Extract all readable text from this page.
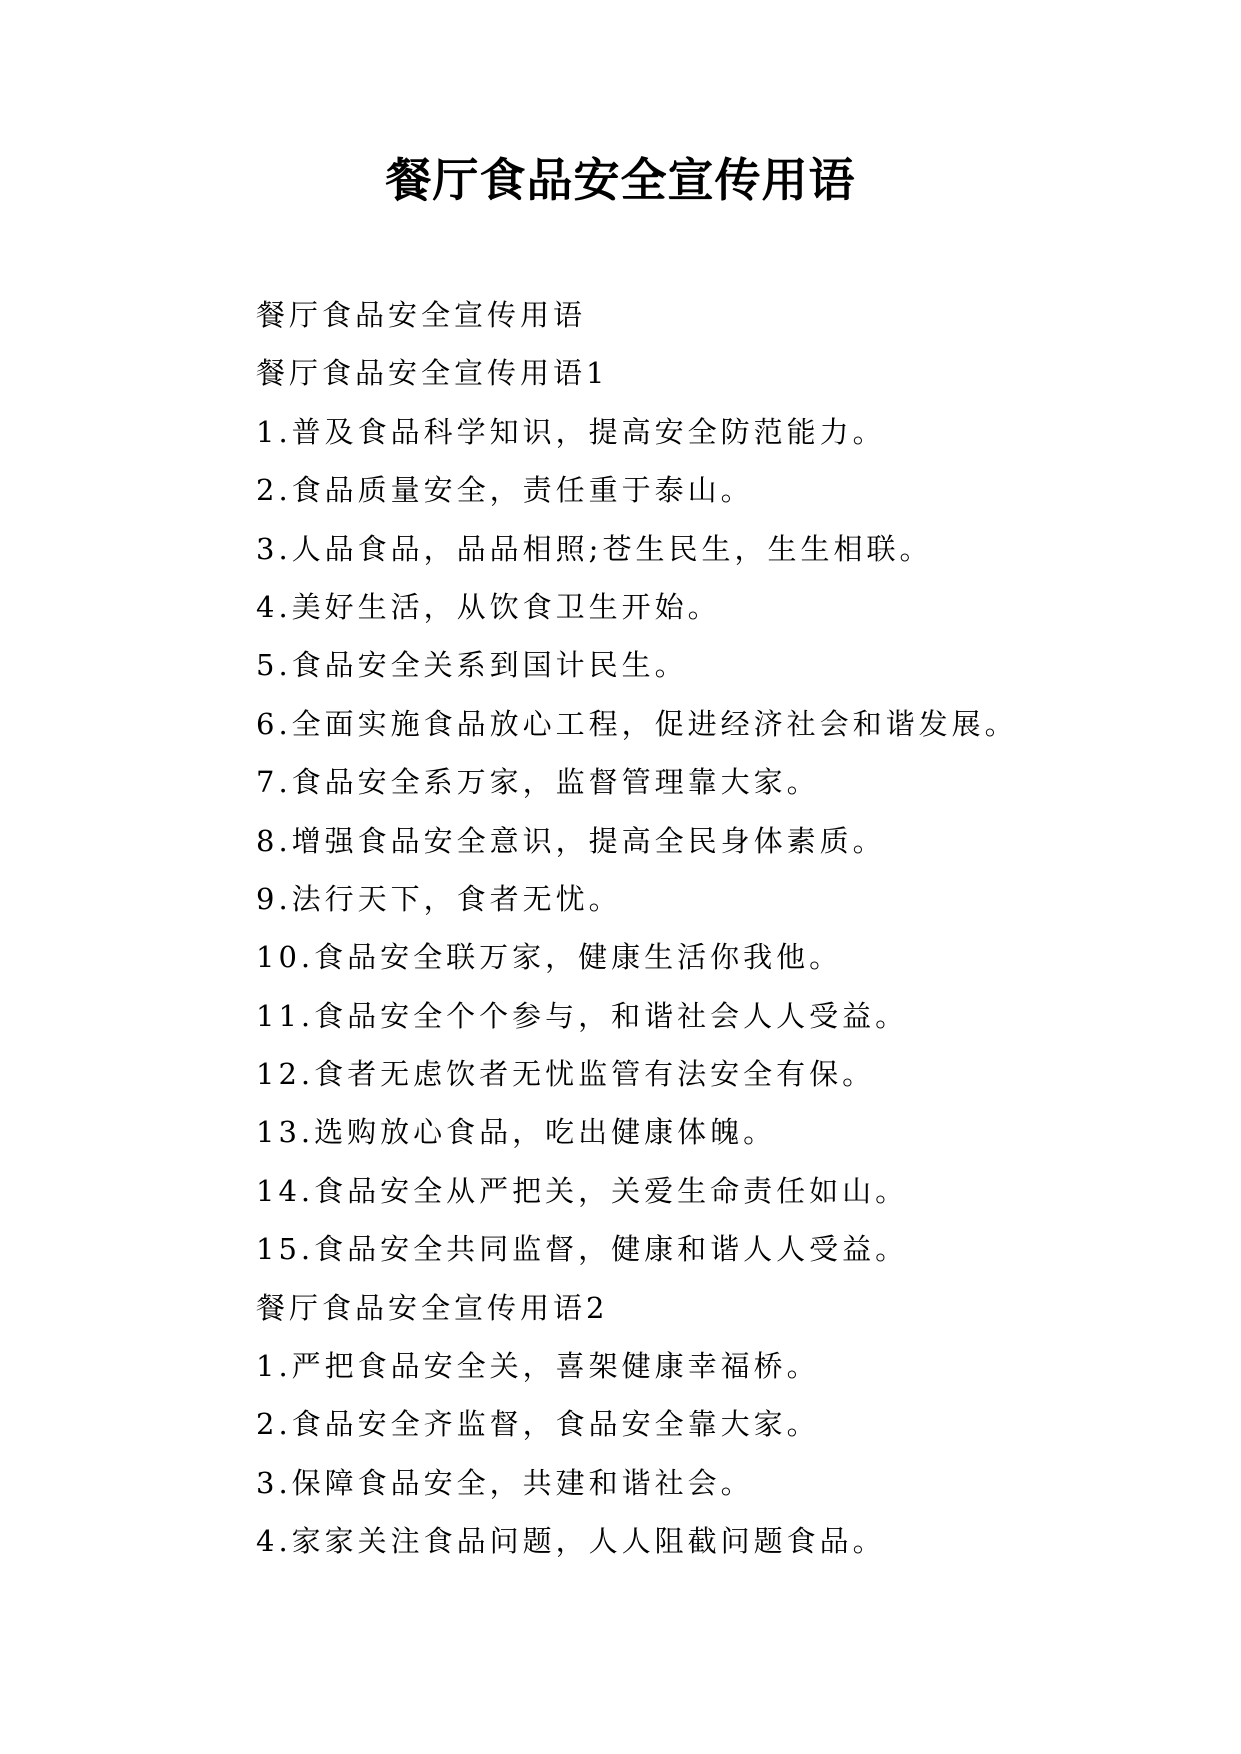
餐厅食品安全宣传用语
餐厅食品安全宣传用语
餐厅食品安全宣传用语1
1.普及食品科学知识，提高安全防范能力。
2.食品质量安全，责任重于泰山。
3.人品食品，品品相照;苍生民生，生生相联。
4.美好生活，从饮食卫生开始。
5.食品安全关系到国计民生。
6.全面实施食品放心工程，促进经济社会和谐发展。
7.食品安全系万家，监督管理靠大家。
8.增强食品安全意识，提高全民身体素质。
9.法行天下，食者无忧。
10.食品安全联万家，健康生活你我他。
11.食品安全个个参与，和谐社会人人受益。
12.食者无虑饮者无忧监管有法安全有保。
13.选购放心食品，吃出健康体魄。
14.食品安全从严把关，关爱生命责任如山。
15.食品安全共同监督，健康和谐人人受益。
餐厅食品安全宣传用语2
1.严把食品安全关，喜架健康幸福桥。
2.食品安全齐监督，食品安全靠大家。
3.保障食品安全，共建和谐社会。
4.家家关注食品问题，人人阻截问题食品。
